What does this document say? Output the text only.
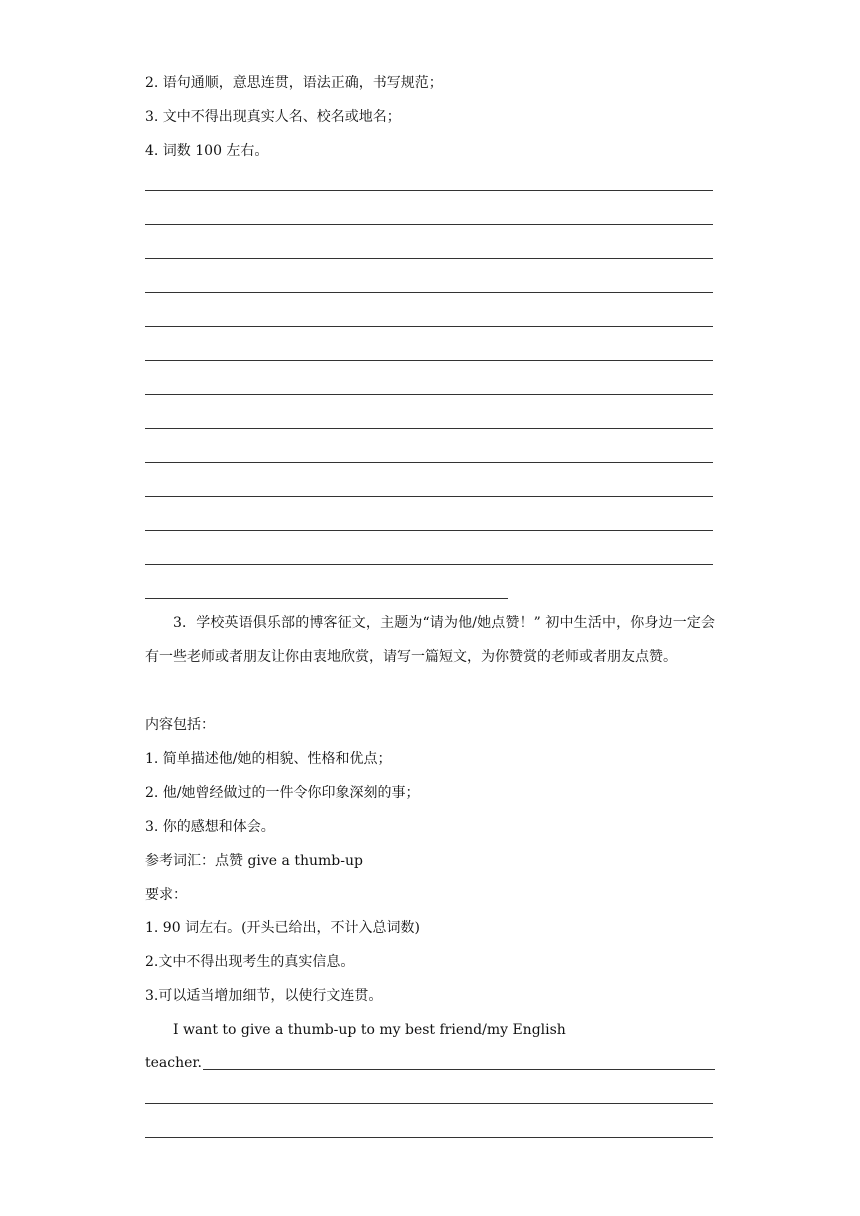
2. 语句通顺，意思连贯，语法正确，书写规范；
3. 文中不得出现真实人名、校名或地名；
4. 词数 100 左右。
3．学校英语俱乐部的博客征文，主题为“请为他/她点赞！” 初中生活中，你身边一定会有一些老师或者朋友让你由衷地欣赏，请写一篇短文，为你赞赏的老师或者朋友点赞。
内容包括：
1. 简单描述他/她的相貌、性格和优点；
2. 他/她曾经做过的一件令你印象深刻的事；
3. 你的感想和体会。
参考词汇：点赞 give a thumb-up
要求：
1. 90 词左右。(开头已给出，不计入总词数)
2.文中不得出现考生的真实信息。
3.可以适当增加细节，以使行文连贯。
I want to give a thumb-up to my best friend/my English
teacher.
